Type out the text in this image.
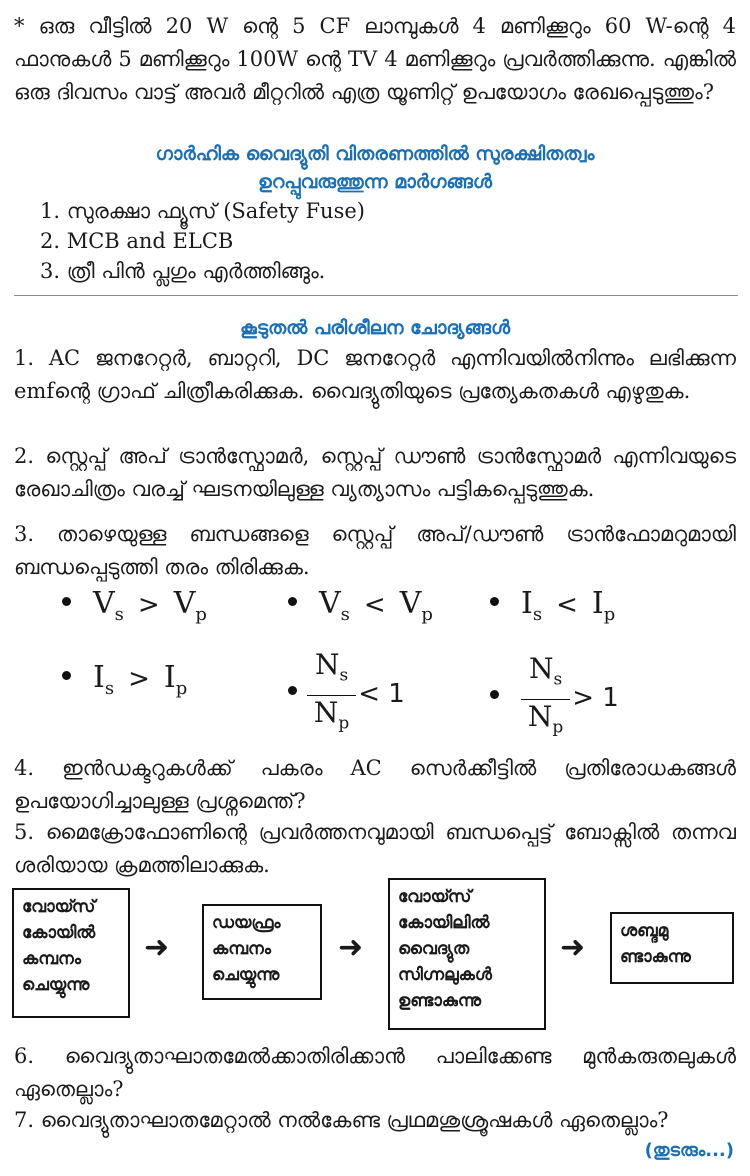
* ഒരു വീട്ടിൽ 20 W ന്റെ 5 CF ലാമ്പുകൾ 4 മണിക്കൂറും 60 W-ന്റെ 4 ഫാനുകൾ 5 മണിക്കൂറും 100W ന്റെ TV 4 മണിക്കൂറും പ്രവർത്തിക്കുന്നു. എങ്കിൽ ഒരു ദിവസം വാട്ട് അവർ മീറ്ററിൽ എത്ര യൂണിറ്റ് ഉപയോഗം രേഖപ്പെടുത്തും?

ഗാർഹിക വൈദ്യുതി വിതരണത്തിൽ സുരക്ഷിതത്വം

ഉറപ്പുവരുത്തുന്ന മാർഗങ്ങൾ

1. സുരക്ഷാ ഫ്യൂസ് (Safety Fuse)

2. MCB and ELCB

3. ത്രീ പിൻ പ്ലഗും എർത്തിങ്ങും.

കൂടുതൽ പരിശീലന ചോദ്യങ്ങൾ

1. AC ജനറേറ്റർ, ബാറ്ററി, DC ജനറേറ്റർ എന്നിവയിൽനിന്നും ലഭിക്കുന്ന emfന്റെ ഗ്രാഫ് ചിത്രീകരിക്കുക. വൈദ്യുതിയുടെ പ്രത്യേകതകൾ എഴുതുക.

2. സ്റ്റെപ്പ് അപ് ട്രാൻസ്ഫോമർ, സ്റ്റെപ്പ് ഡൗൺ ട്രാൻസ്ഫോമർ എന്നിവയുടെ രേഖാചിത്രം വരച്ച് ഘടനയിലുള്ള വ്യത്യാസം പട്ടികപ്പെടുത്തുക.

3. താഴെയുള്ള ബന്ധങ്ങളെ സ്റ്റെപ്പ് അപ്/ഡൗൺ ട്രാൻഫോമറുമായി ബന്ധപ്പെടുത്തി തരം തിരിക്കുക.

$V_s > V_p$	$V_s < V_p$	$I_s < I_p$
$I_s > I_p$	$\frac{N_s}{N_p} < 1$	$\frac{N_s}{N_p} > 1$

4. ഇൻഡക്ടറുകൾക്ക് പകരം AC സെർക്കീട്ടിൽ പ്രതിരോധകങ്ങൾ ഉപയോഗിച്ചാലുള്ള പ്രശ്നമെന്ത്?

5. മൈക്രോഫോണിന്റെ പ്രവർത്തനവുമായി ബന്ധപ്പെട്ട് ബോക്സിൽ തന്നവ ശരിയായ ക്രമത്തിലാക്കുക.

വോയ്സ്
കോയിൽ
കമ്പനം
ചെയ്യുന്നു
➜
ഡയഫ്രം
കമ്പനം
ചെയ്യുന്നു
➜
വോയ്സ്
കോയിലിൽ
വൈദ്യുത
സിഗ്നലുകൾ
ഉണ്ടാകുന്നു
➜ ശബ്ദമു
ണ്ടാകുന്നു

6. വൈദ്യുതാഘാതമേൽക്കാതിരിക്കാൻ പാലിക്കേണ്ട മുൻകരുതലുകൾ ഏതെല്ലാം?

7. വൈദ്യുതാഘാതമേറ്റാൽ നൽകേണ്ട പ്രഥമശുശ്രൂഷകൾ ഏതെല്ലാം?

(തുടരും...)
